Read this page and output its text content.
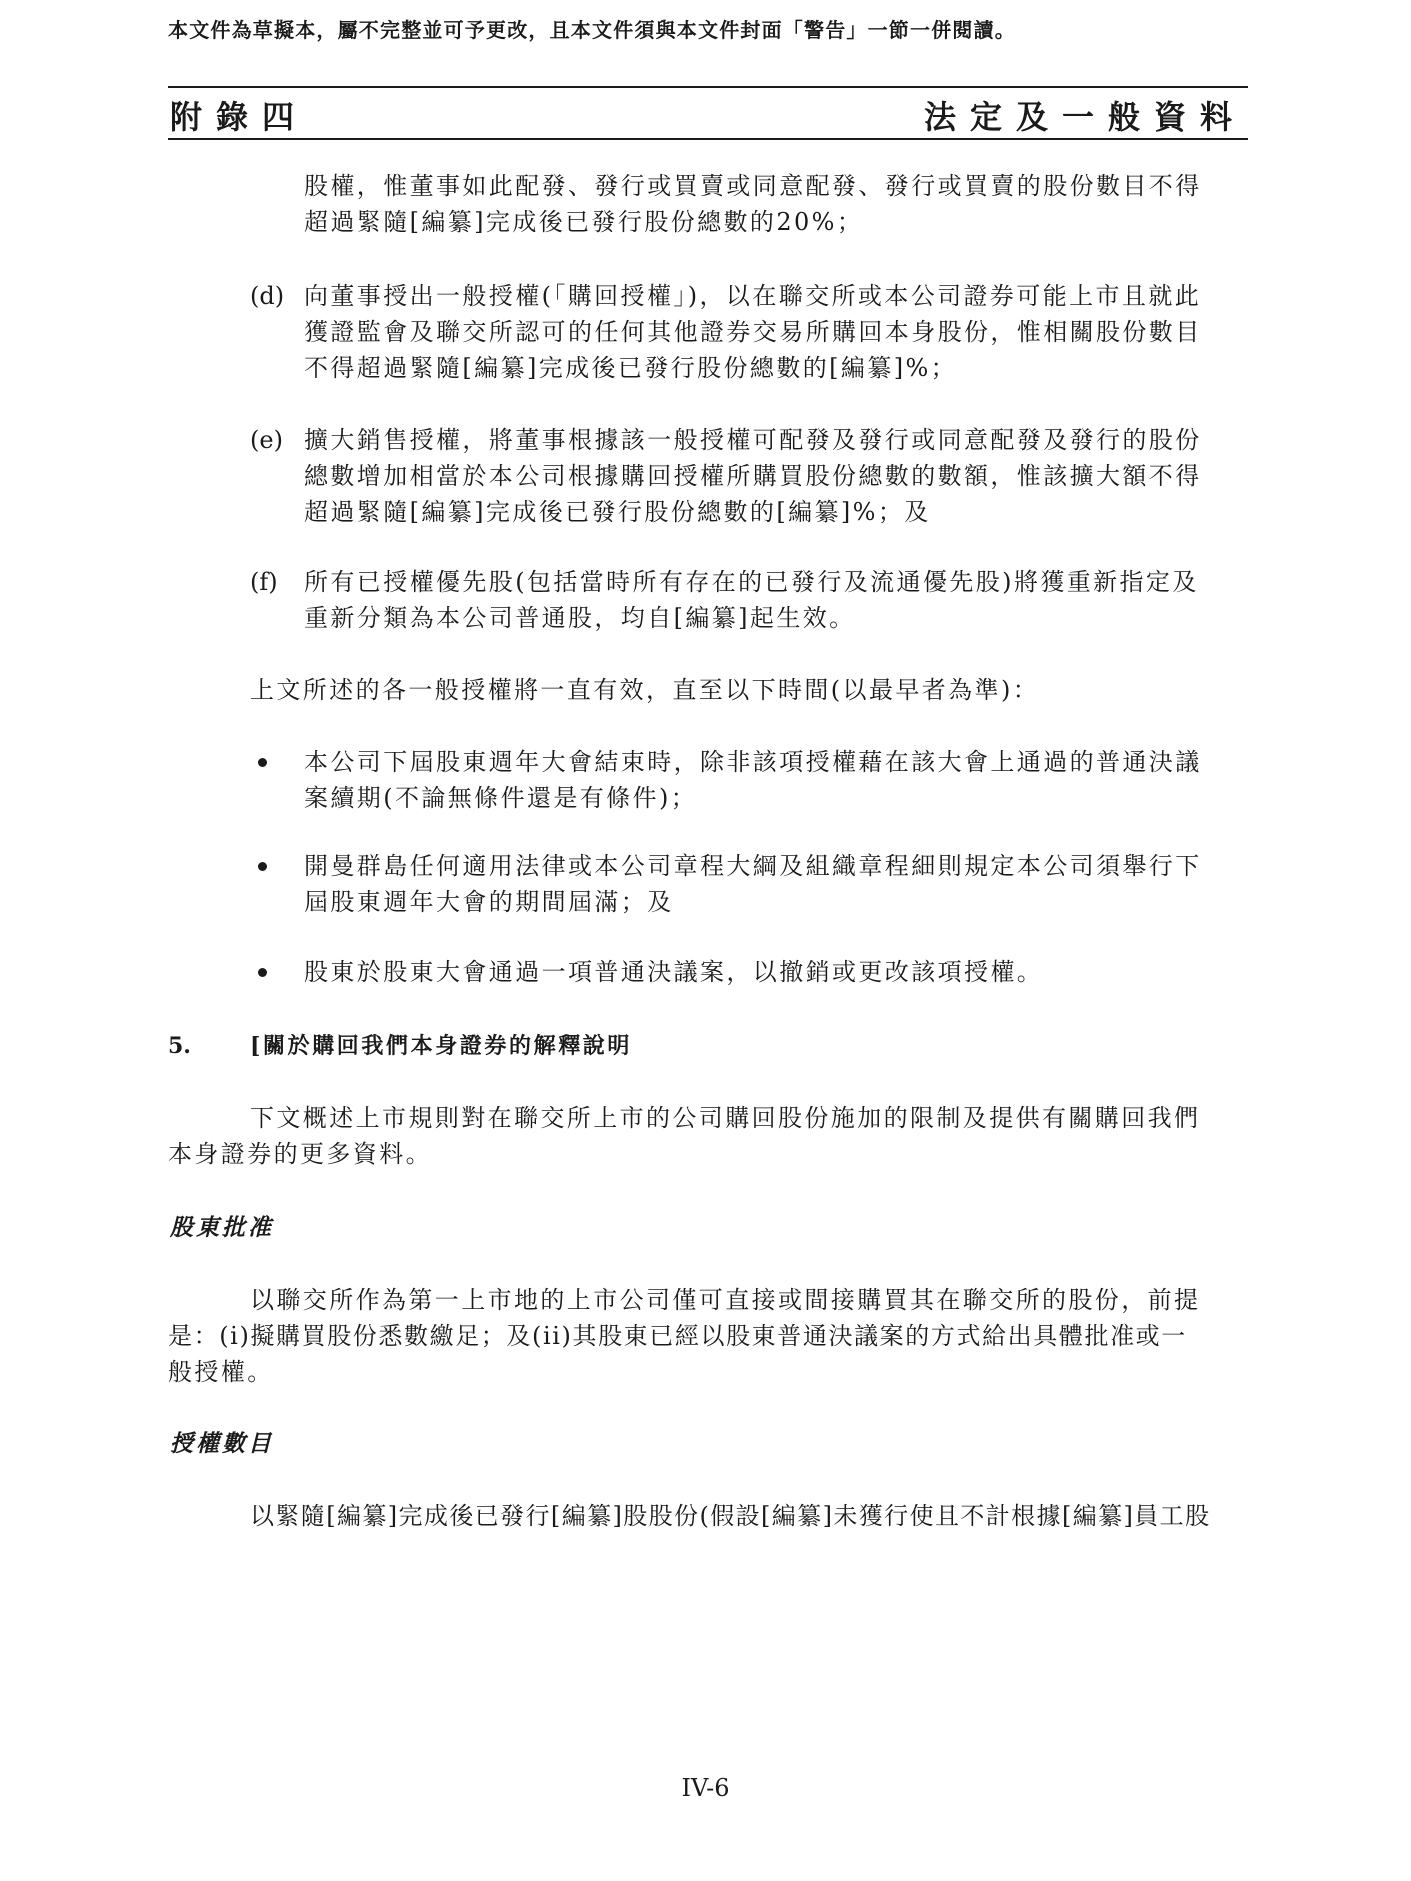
本文件為草擬本，屬不完整並可予更改，且本文件須與本文件封面「警告」一節一併閱讀。
附錄四	法定及一般資料
股權，惟董事如此配發、發行或買賣或同意配發、發行或買賣的股份數目不得
超過緊隨[編纂]完成後已發行股份總數的20%；
(d) 向董事授出一般授權(「購回授權」)，以在聯交所或本公司證券可能上市且就此
獲證監會及聯交所認可的任何其他證券交易所購回本身股份，惟相關股份數目
不得超過緊隨[編纂]完成後已發行股份總數的[編纂]%；
(e) 擴大銷售授權，將董事根據該一般授權可配發及發行或同意配發及發行的股份
總數增加相當於本公司根據購回授權所購買股份總數的數額，惟該擴大額不得
超過緊隨[編纂]完成後已發行股份總數的[編纂]%；及
(f) 所有已授權優先股(包括當時所有存在的已發行及流通優先股)將獲重新指定及
重新分類為本公司普通股，均自[編纂]起生效。
上文所述的各一般授權將一直有效，直至以下時間(以最早者為準)：
本公司下屆股東週年大會結束時，除非該項授權藉在該大會上通過的普通決議
案續期(不論無條件還是有條件)；
開曼群島任何適用法律或本公司章程大綱及組織章程細則規定本公司須舉行下
屆股東週年大會的期間屆滿；及
股東於股東大會通過一項普通決議案，以撤銷或更改該項授權。
5.	[關於購回我們本身證券的解釋說明
下文概述上市規則對在聯交所上市的公司購回股份施加的限制及提供有關購回我們
本身證券的更多資料。
股東批准
以聯交所作為第一上市地的上市公司僅可直接或間接購買其在聯交所的股份，前提
是：(i)擬購買股份悉數繳足；及(ii)其股東已經以股東普通決議案的方式給出具體批准或一
般授權。
授權數目
以緊隨[編纂]完成後已發行[編纂]股股份(假設[編纂]未獲行使且不計根據[編纂]員工股
IV-6
